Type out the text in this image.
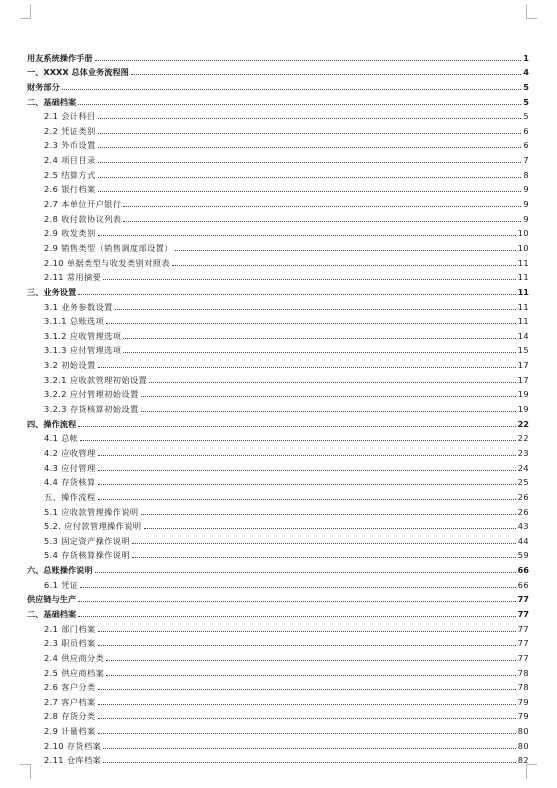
用友系统操作手册	1
一、XXXX 总体业务流程图	4
财务部分	5
二、基础档案	5
2.1 会计科目	5
2.2 凭证类别	6
2.3 外币设置	6
2.4 项目目录	7
2.5 结算方式	8
2.6 银行档案	9
2.7 本单位开户银行	9
2.8 收付款协议列表	9
2.9 收发类别	10
2.9 销售类型（销售调度部设置）	10
2.10 单据类型与收发类别对照表	11
2.11 常用摘要	11
三、业务设置	11
3.1 业务参数设置	11
3.1.1 总账选项	11
3.1.2 应收管理选项	14
3.1.3 应付管理选项	15
3.2 初始设置	17
3.2.1 应收款管理初始设置	17
3.2.2 应付管理初始设置	19
3.2.3 存货核算初始设置	19
四、操作流程	22
4.1 总帐	22
4.2 应收管理	23
4.3 应付管理	24
4.4 存货核算	25
五、操作流程	26
5.1 应收款管理操作说明	26
5.2. 应付款管理操作说明	43
5.3 固定资产操作说明	44
5.4 存货核算操作说明	59
六、总账操作说明	66
6.1 凭证	66
供应链与生产	77
二、基础档案	77
2.1 部门档案	77
2.3 职员档案	77
2.4 供应商分类	77
2.5 供应商档案	78
2.6 客户分类	78
2.7 客户档案	79
2.8 存货分类	79
2.9 计量档案	80
2.10 存货档案	80
2.11 仓库档案	82
